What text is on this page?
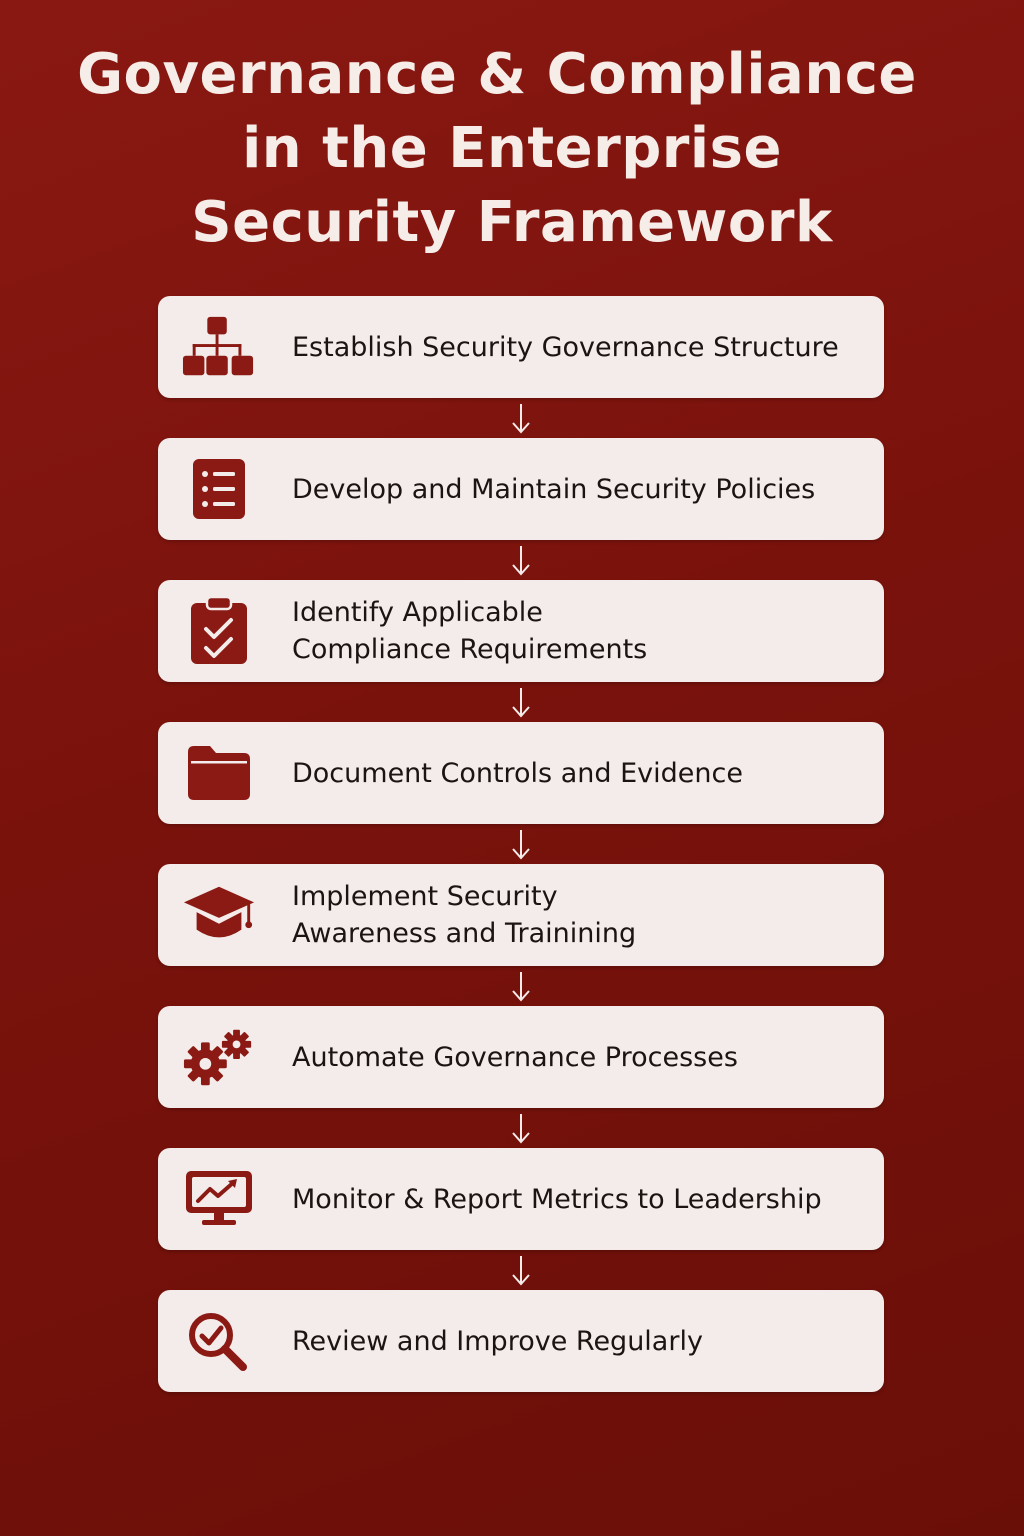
Governance & Compliance
in the Enterprise
Security Framework
Establish Security Governance Structure
Develop and Maintain Security Policies
Identify Applicable
Compliance Requirements
Document Controls and Evidence
Implement Security
Awareness and Trainining
Automate Governance Processes
Monitor & Report Metrics to Leadership
Review and Improve Regularly
